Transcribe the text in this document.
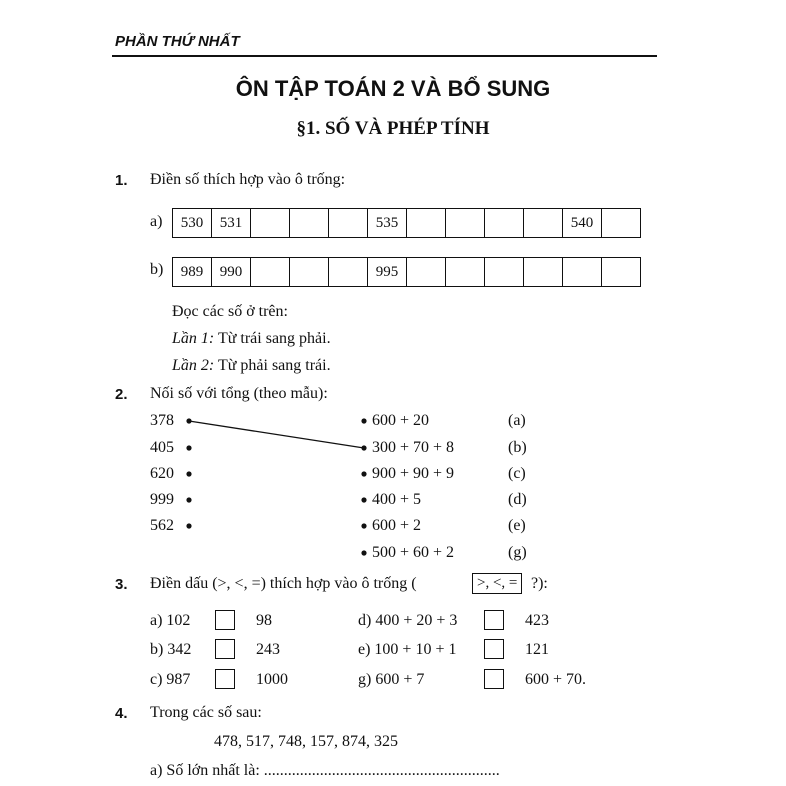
PHẦN THỨ NHẤT
ÔN TẬP TOÁN 2 VÀ BỔ SUNG
§1. SỐ VÀ PHÉP TÍNH
1. Điền số thích hợp vào ô trống:
a)	530	531	535	540
b)	989	990	995
Đọc các số ở trên:
Lần 1: Từ trái sang phải.
Lần 2: Từ phải sang trái.
2. Nối số với tổng (theo mẫu):
378
405
620
999
562
600 + 20
300 + 70 + 8
900 + 90 + 9
400 + 5
600 + 2
500 + 60 + 2
(a)
(b)
(c)
(d)
(e)
(g)
3. Điền dấu (>, <, =) thích hợp vào ô trống (	>, <, = ?):
a) 102	98
b) 342	243
c) 987	1000
d) 400 + 20 + 3	423
e) 100 + 10 + 1	121
g) 600 + 7	600 + 70.
4. Trong các số sau:
478, 517, 748, 157, 874, 325
a) Số lớn nhất là: ...........................................................
